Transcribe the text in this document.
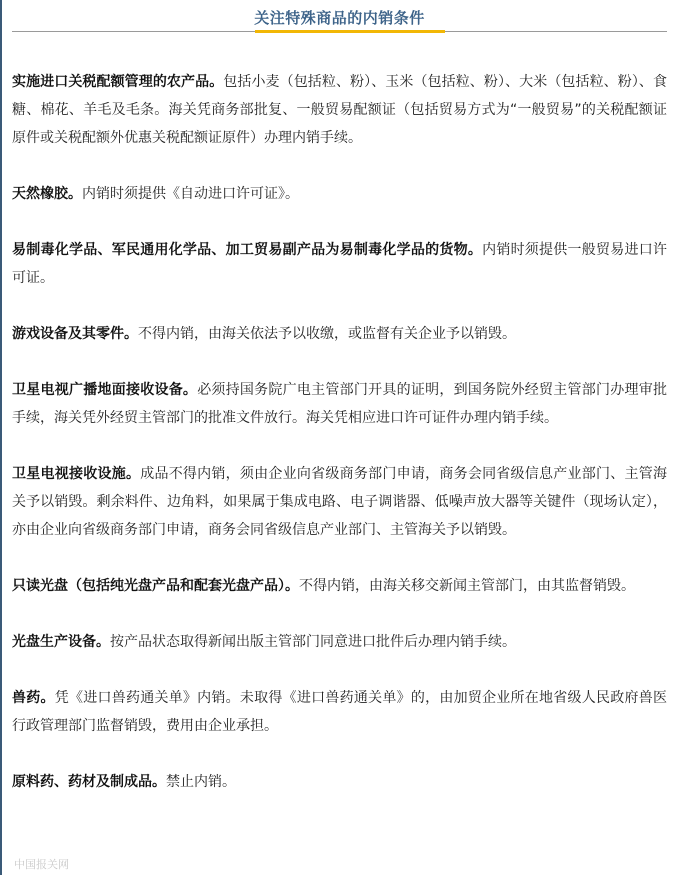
关注特殊商品的内销条件

实施进口关税配额管理的农产品。包括小麦（包括粒、粉）、玉米（包括粒、粉）、大米（包括粒、粉）、食糖、棉花、羊毛及毛条。海关凭商务部批复、一般贸易配额证（包括贸易方式为“一般贸易”的关税配额证原件或关税配额外优惠关税配额证原件）办理内销手续。

天然橡胶。内销时须提供《自动进口许可证》。

易制毒化学品、军民通用化学品、加工贸易副产品为易制毒化学品的货物。内销时须提供一般贸易进口许可证。

游戏设备及其零件。不得内销，由海关依法予以收缴，或监督有关企业予以销毁。

卫星电视广播地面接收设备。必须持国务院广电主管部门开具的证明，到国务院外经贸主管部门办理审批手续，海关凭外经贸主管部门的批准文件放行。海关凭相应进口许可证件办理内销手续。

卫星电视接收设施。成品不得内销，须由企业向省级商务部门申请，商务会同省级信息产业部门、主管海关予以销毁。剩余料件、边角料，如果属于集成电路、电子调谐器、低噪声放大器等关键件（现场认定），亦由企业向省级商务部门申请，商务会同省级信息产业部门、主管海关予以销毁。

只读光盘（包括纯光盘产品和配套光盘产品）。不得内销，由海关移交新闻主管部门，由其监督销毁。

光盘生产设备。按产品状态取得新闻出版主管部门同意进口批件后办理内销手续。

兽药。凭《进口兽药通关单》内销。未取得《进口兽药通关单》的，由加贸企业所在地省级人民政府兽医行政管理部门监督销毁，费用由企业承担。

原料药、药材及制成品。禁止内销。

中国报关网
